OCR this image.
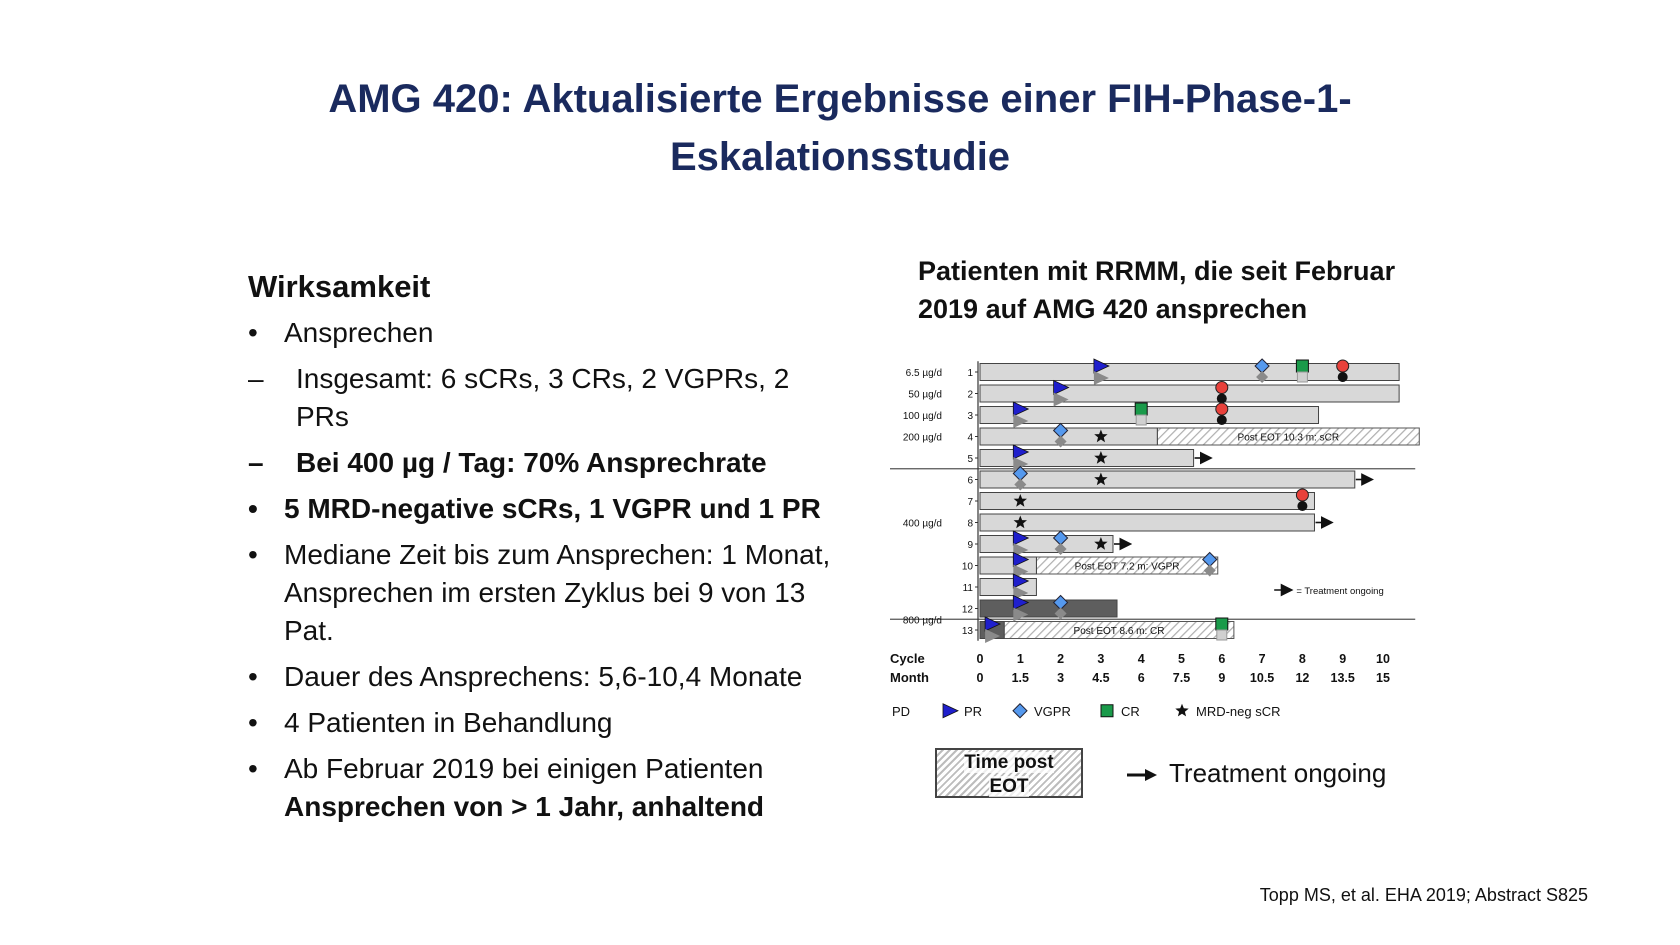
AMG 420: Aktualisierte Ergebnisse einer FIH-Phase-1-
Eskalationsstudie
Wirksamkeit
• Ansprechen
– Insgesamt: 6 sCRs, 3 CRs, 2 VGPRs, 2 PRs
– Bei 400 µg / Tag: 70% Ansprechrate
• 5 MRD-negative sCRs, 1 VGPR und 1 PR
• Mediane Zeit bis zum Ansprechen: 1 Monat, Ansprechen im ersten Zyklus bei 9 von 13 Pat.
• Dauer des Ansprechens: 5,6-10,4 Monate
• 4 Patienten in Behandlung
• Ab Februar 2019 bei einigen Patienten
Ansprechen von > 1 Jahr, anhaltend
Patienten mit RRMM, die seit Februar
2019 auf AMG 420 ansprechen
1
2
3
Post EOT 10.3 m: sCR
4
5
6
7
8
9
Post EOT 7.2 m: VGPR
10
11
12
Post EOT 8.6 m: CR
13
6.5 µg/d
50 µg/d
100 µg/d
200 µg/d
400 µg/d
800 µg/d
= Treatment ongoing
Cycle
Month
0	1	2	3	4	5	6	7	8	9 10
0 1.5 3 4.5 6 7.5 9 10.5 12 13.5 15
PD	PR	VGPR	CR	MRD-neg sCR
Time post
EOT	Treatment ongoing
Topp MS, et al. EHA 2019; Abstract S825
